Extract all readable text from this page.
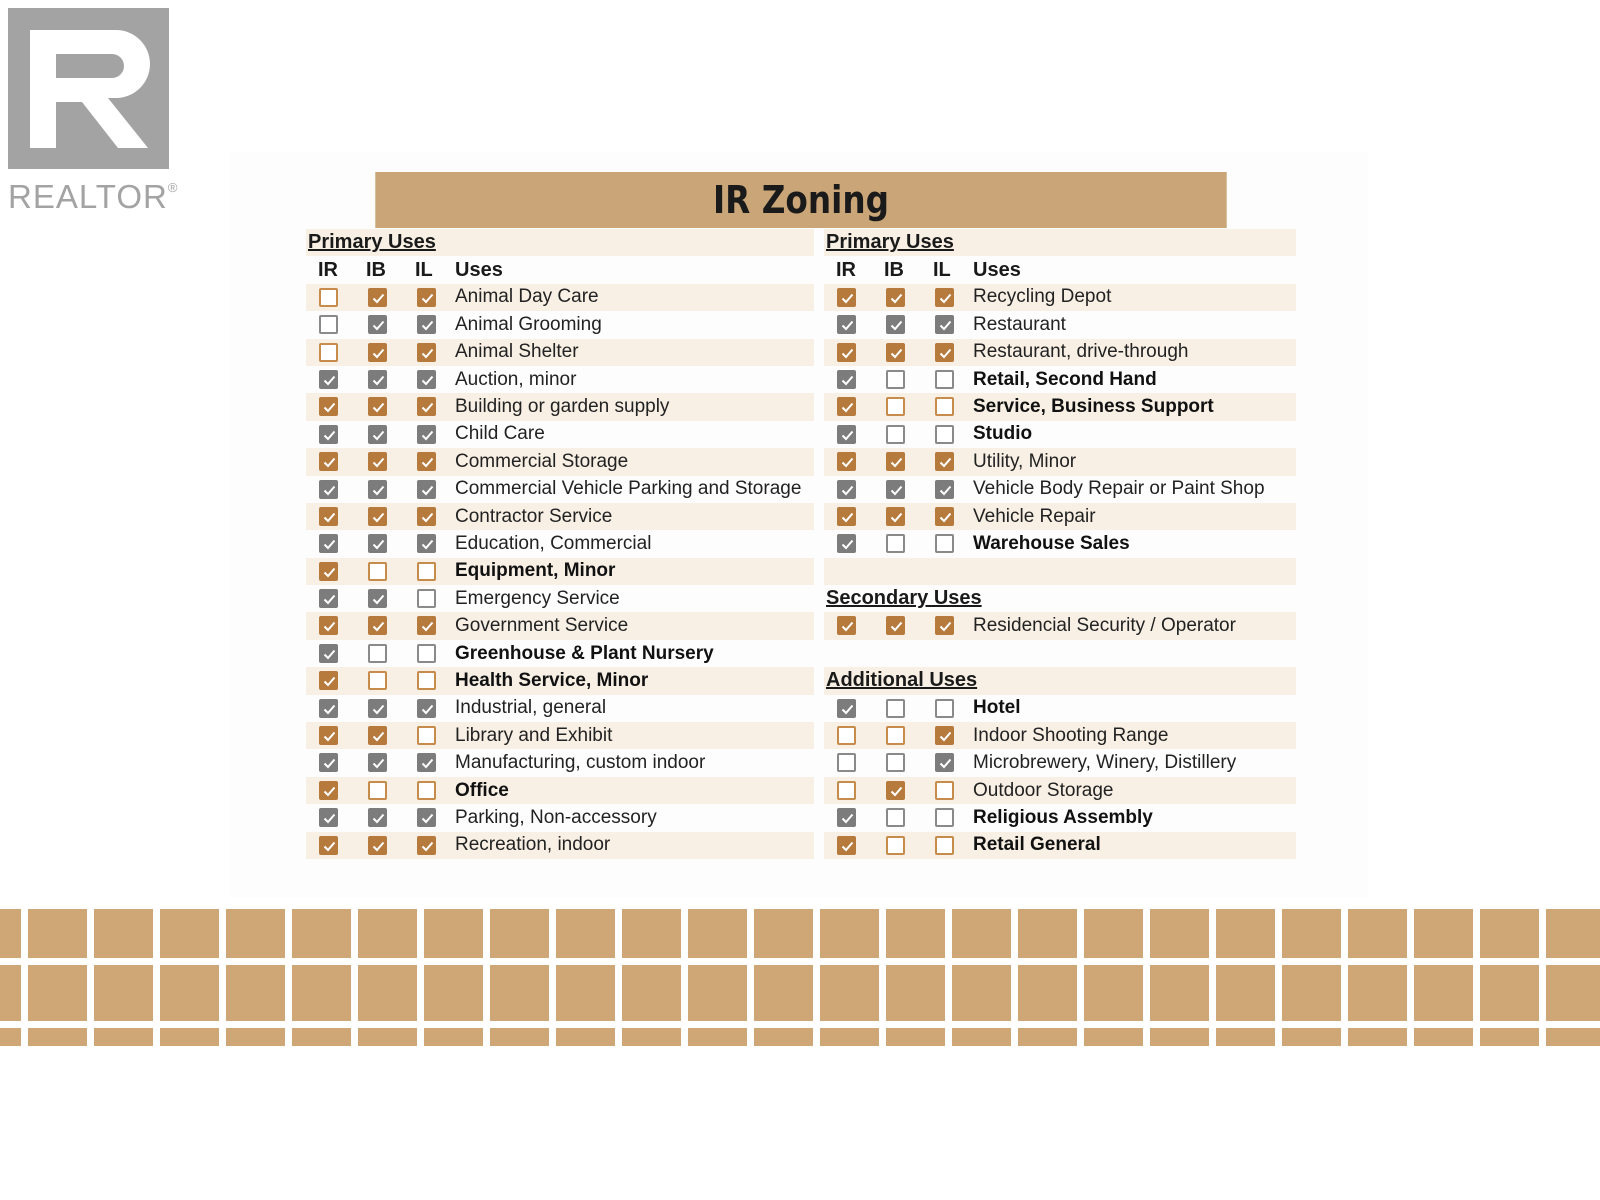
REALTOR®	IR Zoning
Primary Uses
IR IB IL Uses
Animal Day Care
Animal Grooming
Animal Shelter
Auction, minor
Building or garden supply
Child Care
Commercial Storage
Commercial Vehicle Parking and Storage
Contractor Service
Education, Commercial
Equipment, Minor
Emergency Service
Government Service
Greenhouse & Plant Nursery
Health Service, Minor
Industrial, general
Library and Exhibit
Manufacturing, custom indoor
Office
Parking, Non-accessory
Recreation, indoor
Primary Uses
IR IB IL Uses
Recycling Depot
Restaurant
Restaurant, drive-through
Retail, Second Hand
Service, Business Support
Studio
Utility, Minor
Vehicle Body Repair or Paint Shop
Vehicle Repair
Warehouse Sales
Secondary Uses
Residencial Security / Operator
Additional Uses
Hotel
Indoor Shooting Range
Microbrewery, Winery, Distillery
Outdoor Storage
Religious Assembly
Retail General
